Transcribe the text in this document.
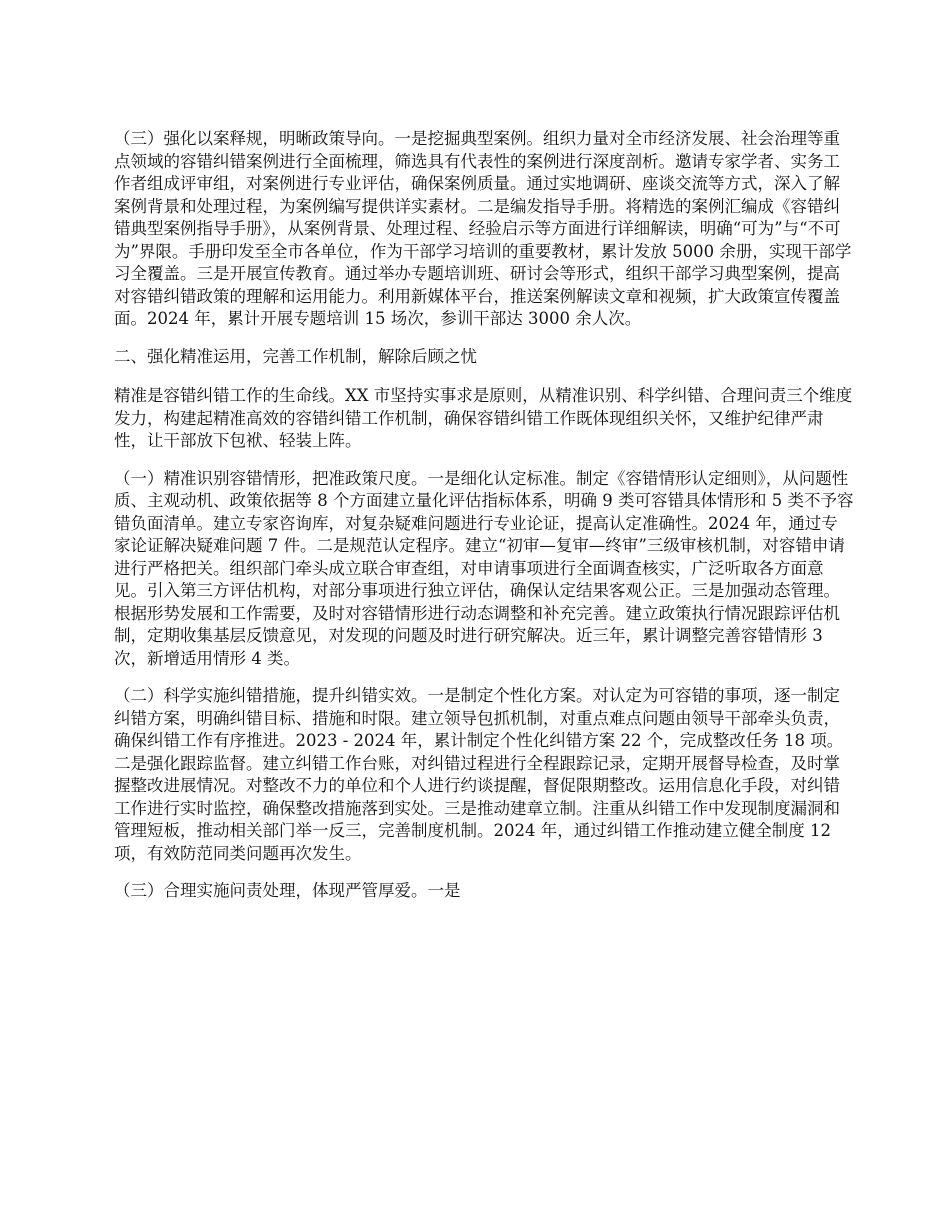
（三）强化以案释规，明晰政策导向。一是挖掘典型案例。组织力量对全市经济发展、社会治理等重点领域的容错纠错案例进行全面梳理，筛选具有代表性的案例进行深度剖析。邀请专家学者、实务工作者组成评审组，对案例进行专业评估，确保案例质量。通过实地调研、座谈交流等方式，深入了解案例背景和处理过程，为案例编写提供详实素材。二是编发指导手册。将精选的案例汇编成《容错纠错典型案例指导手册》，从案例背景、处理过程、经验启示等方面进行详细解读，明确“可为”与“不可为”界限。手册印发至全市各单位，作为干部学习培训的重要教材，累计发放 5000 余册，实现干部学习全覆盖。三是开展宣传教育。通过举办专题培训班、研讨会等形式，组织干部学习典型案例，提高对容错纠错政策的理解和运用能力。利用新媒体平台，推送案例解读文章和视频，扩大政策宣传覆盖面。2024 年，累计开展专题培训 15 场次，参训干部达 3000 余人次。

二、强化精准运用，完善工作机制，解除后顾之忧

精准是容错纠错工作的生命线。XX 市坚持实事求是原则，从精准识别、科学纠错、合理问责三个维度发力，构建起精准高效的容错纠错工作机制，确保容错纠错工作既体现组织关怀，又维护纪律严肃性，让干部放下包袱、轻装上阵。

（一）精准识别容错情形，把准政策尺度。一是细化认定标准。制定《容错情形认定细则》，从问题性质、主观动机、政策依据等 8 个方面建立量化评估指标体系，明确 9 类可容错具体情形和 5 类不予容错负面清单。建立专家咨询库，对复杂疑难问题进行专业论证，提高认定准确性。2024 年，通过专家论证解决疑难问题 7 件。二是规范认定程序。建立“初审—复审—终审”三级审核机制，对容错申请进行严格把关。组织部门牵头成立联合审查组，对申请事项进行全面调查核实，广泛听取各方面意见。引入第三方评估机构，对部分事项进行独立评估，确保认定结果客观公正。三是加强动态管理。根据形势发展和工作需要，及时对容错情形进行动态调整和补充完善。建立政策执行情况跟踪评估机制，定期收集基层反馈意见，对发现的问题及时进行研究解决。近三年，累计调整完善容错情形 3 次，新增适用情形 4 类。

（二）科学实施纠错措施，提升纠错实效。一是制定个性化方案。对认定为可容错的事项，逐一制定纠错方案，明确纠错目标、措施和时限。建立领导包抓机制，对重点难点问题由领导干部牵头负责，确保纠错工作有序推进。2023 - 2024 年，累计制定个性化纠错方案 22 个，完成整改任务 18 项。二是强化跟踪监督。建立纠错工作台账，对纠错过程进行全程跟踪记录，定期开展督导检查，及时掌握整改进展情况。对整改不力的单位和个人进行约谈提醒，督促限期整改。运用信息化手段，对纠错工作进行实时监控，确保整改措施落到实处。三是推动建章立制。注重从纠错工作中发现制度漏洞和管理短板，推动相关部门举一反三，完善制度机制。2024 年，通过纠错工作推动建立健全制度 12 项，有效防范同类问题再次发生。

（三）合理实施问责处理，体现严管厚爱。一是
